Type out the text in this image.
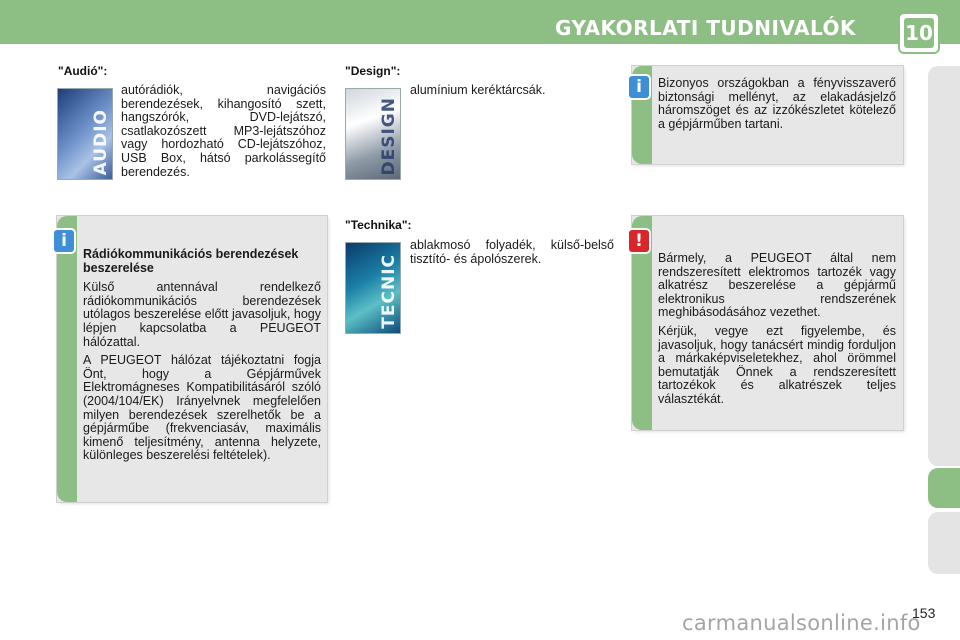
GYAKORLATI TUDNIVALÓK 10
"Audió":
AUDIO
autórádiók, navigációs berendezések, kihangosító szett, hangszórók, DVD-lejátszó, csatlakozószett MP3-lejátszóhoz vagy hordozható CD-lejátszóhoz, USB Box, hátsó parkolássegítő berendezés.
Rádiókommunikációs berendezések beszerelése

Külső antennával rendelkező rádiókommunikációs berendezések utólagos beszerelése előtt javasoljuk, hogy lépjen kapcsolatba a PEUGEOT hálózattal.

A PEUGEOT hálózat tájékoztatni fogja Önt, hogy a Gépjárművek Elektromágneses Kompatibilitásáról szóló (2004/104/EK) Irányelvnek megfelelően milyen berendezések szerelhetők be a gépjárműbe (frekvenciasáv, maximális kimenő teljesítmény, antenna helyzete, különleges beszerelési feltételek).

i
"Design":
DESIGN
alumínium keréktárcsák.
"Technika":
TECNIC
ablakmosó folyadék, külső-belső tisztító- és ápolószerek.

Bizonyos országokban a fényvisszaverő biztonsági mellényt, az elakadásjelző háromszöget és az izzókészletet kötelező a gépjárműben tartani.

i

Bármely, a PEUGEOT által nem rendszeresített elektromos tartozék vagy alkatrész beszerelése a gépjármű elektronikus rendszerének meghibásodásához vezethet.

Kérjük, vegye ezt figyelembe, és javasoljuk, hogy tanácsért mindig forduljon a márkaképviseletekhez, ahol örömmel bemutatják Önnek a rendszeresített tartozékok és alkatrészek teljes választékát.

!
153
carmanualsonline.info
